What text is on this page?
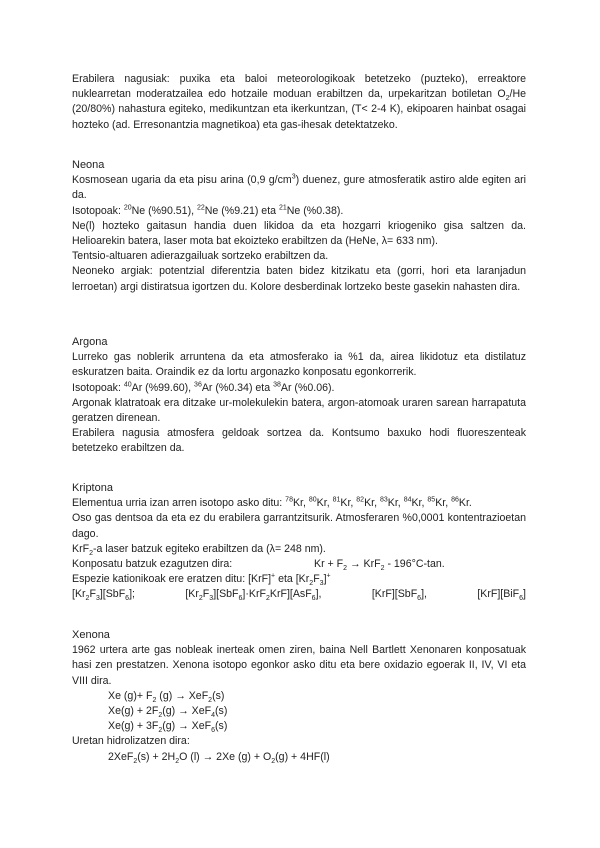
Erabilera nagusiak: puxika eta baloi meteorologikoak betetzeko (puzteko), erreaktore nuklearretan moderatzailea edo hotzaile moduan erabiltzen da, urpekaritzan botiletan $O_2/He$ (20/80%) nahastura egiteko, medikuntzan eta ikerkuntzan, (T< 2-4 K), ekipoaren hainbat osagai hozteko (ad. Erresonantzia magnetikoa) eta gas-ihesak detektatzeko.

Neona

Kosmosean ugaria da eta pisu arina (0,9 $g/cm^3$) duenez, gure atmosferatik astiro alde egiten ari da.

Isotopoak: $^{20}$Ne (%90.51), $^{22}$Ne (%9.21) eta $^{21}$Ne (%0.38).

Ne(l) hozteko gaitasun handia duen likidoa da eta hozgarri kriogeniko gisa saltzen da. Helioarekin batera, laser mota bat ekoizteko erabiltzen da (HeNe, λ= 633 nm).

Tentsio-altuaren adierazgailuak sortzeko erabiltzen da.

Neoneko argiak: potentzial diferentzia baten bidez kitzikatu eta (gorri, hori eta laranjadun lerroetan) argi distiratsua igortzen du. Kolore desberdinak lortzeko beste gasekin nahasten dira.

Argona

Lurreko gas noblerik arruntena da eta atmosferako ia %1 da, airea likidotuz eta distilatuz eskuratzen baita. Oraindik ez da lortu argonazko konposatu egonkorrerik.

Isotopoak: $^{40}$Ar (%99.60), $^{36}$Ar (%0.34) eta $^{38}$Ar (%0.06).

Argonak klatratoak era ditzake ur-molekulekin batera, argon-atomoak uraren sarean harrapatuta geratzen direnean.

Erabilera nagusia atmosfera geldoak sortzea da. Kontsumo baxuko hodi fluoreszenteak betetzeko erabiltzen da.

Kriptona

Elementua urria izan arren isotopo asko ditu: $^{78}$Kr, $^{80}$Kr, $^{81}$Kr, $^{82}$Kr, $^{83}$Kr, $^{84}$Kr, $^{85}$Kr, $^{86}$Kr.

Oso gas dentsoa da eta ez du erabilera garrantzitsurik. Atmosferaren %0,0001 kontentrazioetan dago.

KrF$_2$-a laser batzuk egiteko erabiltzen da (λ= 248 nm).

Konposatu batzuk ezagutzen dira:	$Kr + F_2 \to KrF_2 - 196^\circ C-\tan$.

Espezie kationikoak ere eratzen ditu: [KrF]+ eta $[Kr_2F_3]^+$

$[Kr_2F_3][SbF_6]$;	$[Kr_2F_3][SbF_6]\cdot KrF_2KrF][AsF_6]$,	[KrF][SbF$_6$],	[KrF][BiF$_6$]

Xenona

1962 urtera arte gas nobleak inerteak omen ziren, baina Nell Bartlett Xenonaren konposatuak hasi zen prestatzen. Xenona isotopo egonkor asko ditu eta bere oxidazio egoerak II, IV, VI eta VIII dira.

Xe $(g)+ F_2$ (g) → XeF$_2$(s)

$Xe(g) + 2F_2(g) \to XeF_4(s)$

$Xe(g) + 3F_2(g) \to XeF_6(s)$

Uretan hidrolizatzen dira:

$2XeF_2(s) + 2H_2O$ (l) → 2Xe $(g) + O_2(g) + 4HF(l)$
